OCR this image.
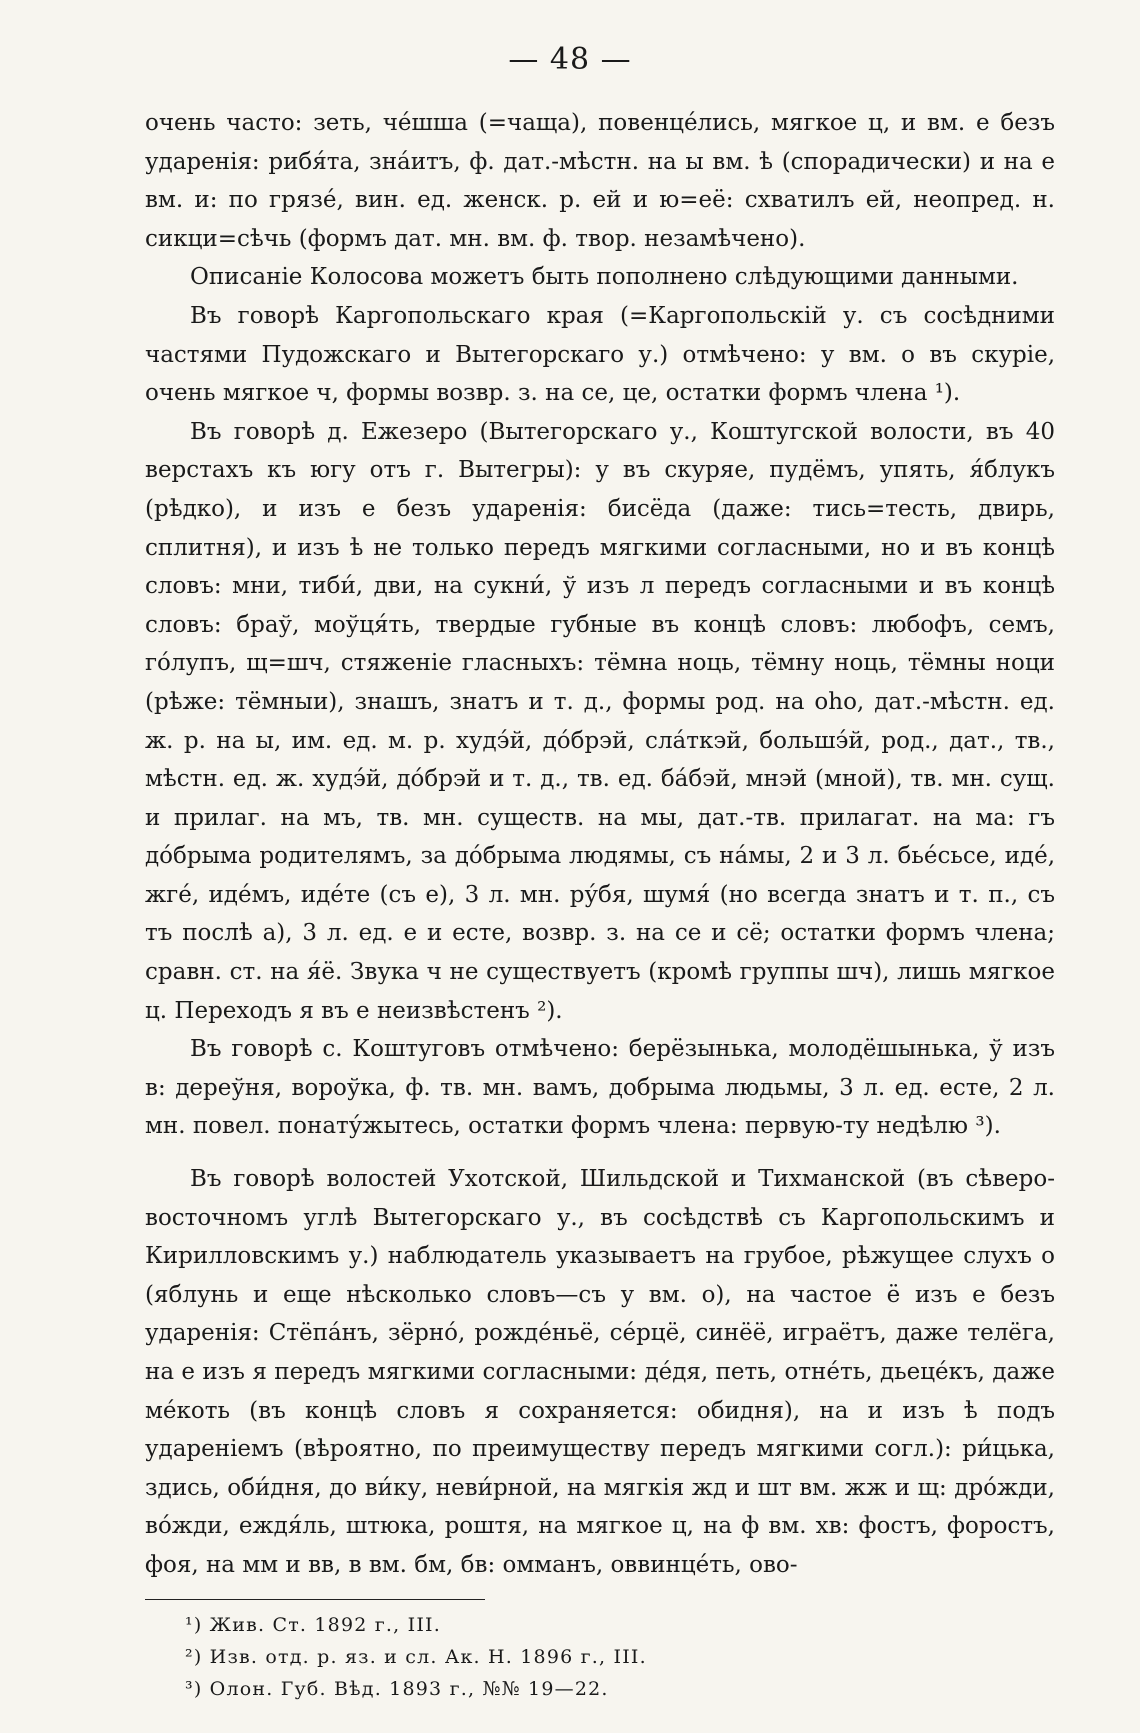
— 48 —

очень часто: зеть, чéшша (=чаща), повенцéлись, мягкое ц, и вм. е безъ ударенія: рибя́та, зна́итъ, ф. дат.-мѣстн. на ы вм. ѣ (спорадически) и на е вм. и: по грязé, вин. ед. женск. р. ей и ю=её: схватилъ ей, неопред. н. сикци=сѣчь (формъ дат. мн. вм. ф. твор. незамѣчено).

Описаніе Колосова можетъ быть пополнено слѣдующими данными.

Въ говорѣ Каргопольскаго края (=Каргопольскій у. съ сосѣдними частями Пудожскаго и Вытегорскаго у.) отмѣчено: у вм. о въ скуріе, очень мягкое ч, формы возвр. з. на се, це, остатки формъ члена ¹).

Въ говорѣ д. Ежезеро (Вытегорскаго у., Коштугской волости, въ 40 верстахъ къ югу отъ г. Вытегры): у въ скуряе, пудёмъ, упять, я́блукъ (рѣдко), и изъ е безъ ударенія: бисёда (даже: тись=тесть, двирь, сплитня), и изъ ѣ не только передъ мягкими согласными, но и въ концѣ словъ: мни, тиби́, дви, на сукни́, ў изъ л передъ согласными и въ концѣ словъ: браў, моўця́ть, твердые губные въ концѣ словъ: любофъ, семъ, го́лупъ, щ=шч, стяженіе гласныхъ: тёмна ноць, тёмну ноць, тёмны ноци (рѣже: тёмныи), знашъ, знатъ и т. д., формы род. на оhо, дат.-мѣстн. ед. ж. р. на ы, им. ед. м. р. худэ́й, до́брэй, сла́ткэй, большэ́й, род., дат., тв., мѣстн. ед. ж. худэ́й, до́брэй и т. д., тв. ед. ба́бэй, мнэй (мной), тв. мн. сущ. и прилаг. на мъ, тв. мн. существ. на мы, дат.-тв. прилагат. на ма: гъ до́брыма родителямъ, за до́брыма людямы, съ на́мы, 2 и 3 л. бьéсьсе, идé, жгé, идéмъ, идéте (съ е), 3 л. мн. ру́бя, шумя́ (но всегда знатъ и т. п., съ тъ послѣ а), 3 л. ед. е и есте, возвр. з. на се и сё; остатки формъ члена; сравн. ст. на я́ё. Звука ч не существуетъ (кромѣ группы шч), лишь мягкое ц. Переходъ я въ е неизвѣстенъ ²).

Въ говорѣ с. Коштуговъ отмѣчено: берёзынька, молодёшынька, ў изъ в: дереўня, вороўка, ф. тв. мн. вамъ, добрыма людьмы, 3 л. ед. есте, 2 л. мн. повел. понату́жытесь, остатки формъ члена: первую-ту недѣлю ³).

Въ говорѣ волостей Ухотской, Шильдской и Тихманской (въ сѣверо-восточномъ углѣ Вытегорскаго у., въ сосѣдствѣ съ Каргопольскимъ и Кирилловскимъ у.) наблюдатель указываетъ на грубое, рѣжущее слухъ о (яблунь и еще нѣсколько словъ—съ у вм. о), на частое ё изъ е безъ ударенія: Стёпáнъ, зёрнó, рождéньё, сéрцё, синёё, играётъ, даже телёга, на е изъ я передъ мягкими согласными: дéдя, петь, отнéть, дьецéкъ, даже мéкоть (въ концѣ словъ я сохраняется: обидня), на и изъ ѣ подъ удареніемъ (вѣроятно, по преимуществу передъ мягкими согл.): ри́цька, здись, оби́дня, до ви́ку, неви́рной, на мягкія жд и шт вм. жж и щ: дрóжди, вóжди, еждя́ль, штюка, роштя, на мягкое ц, на ф вм. хв: фостъ, форостъ, фоя, на мм и вв, в вм. бм, бв: омманъ, оввинцéть, ово-

¹) Жив. Ст. 1892 г., III.

²) Изв. отд. р. яз. и сл. Ак. Н. 1896 г., III.

³) Олон. Губ. Вѣд. 1893 г., №№ 19—22.
